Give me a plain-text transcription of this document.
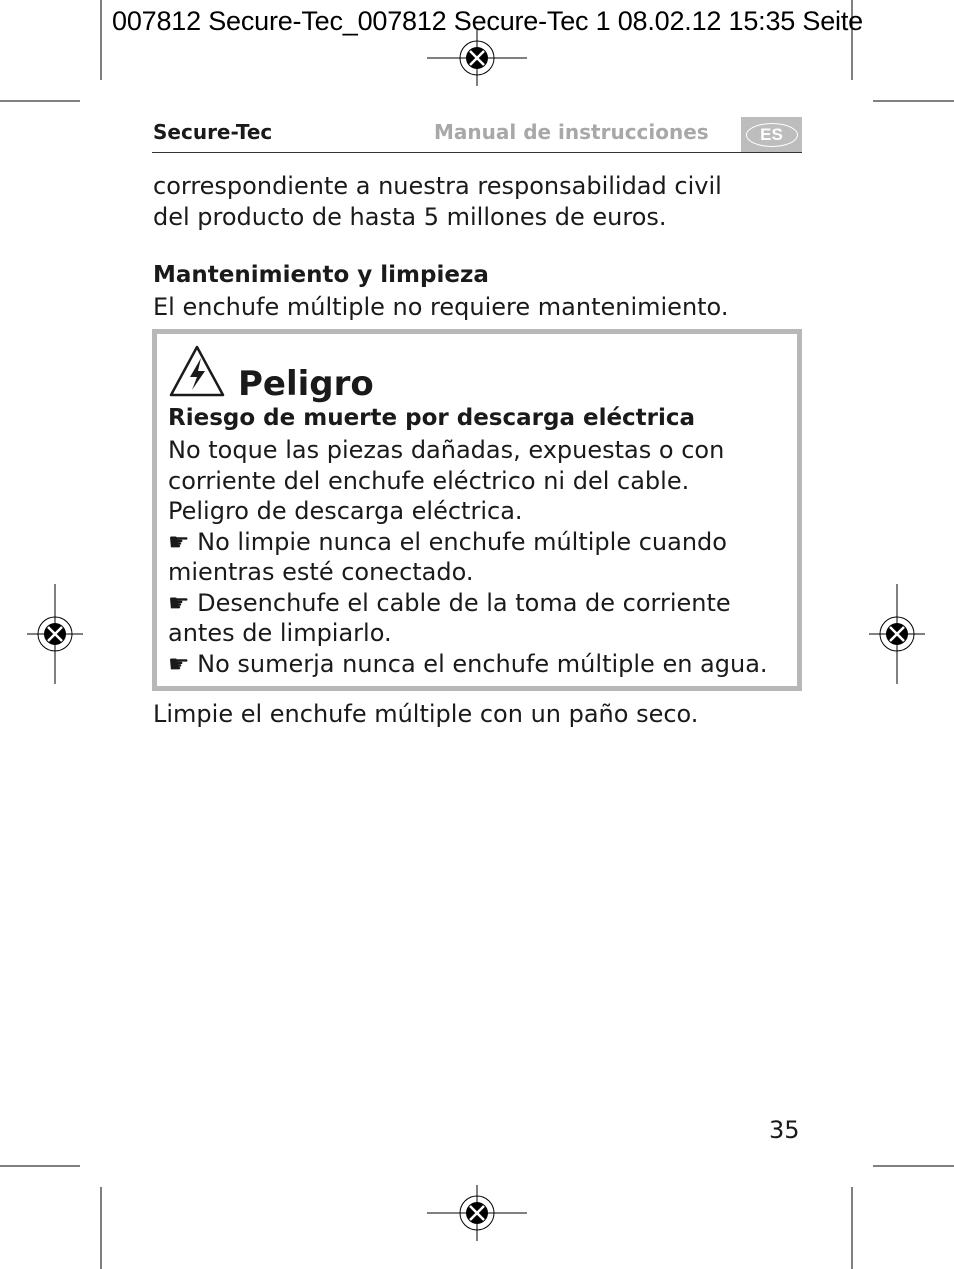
007812 Secure-Tec_007812 Secure-Tec 1 08.02.12 15:35 Seite
Secure-Tec	Manual de instrucciones	ES
correspondiente a nuestra responsabilidad civil
del producto de hasta 5 millones de euros.
Mantenimiento y limpieza
El enchufe múltiple no requiere mantenimiento.
Peligro
Riesgo de muerte por descarga eléctrica
No toque las piezas dañadas, expuestas o con
corriente del enchufe eléctrico ni del cable.
Peligro de descarga eléctrica.
☛ No limpie nunca el enchufe múltiple cuando
mientras esté conectado.
☛ Desenchufe el cable de la toma de corriente
antes de limpiarlo.
☛ No sumerja nunca el enchufe múltiple en agua.
Limpie el enchufe múltiple con un paño seco.
35
